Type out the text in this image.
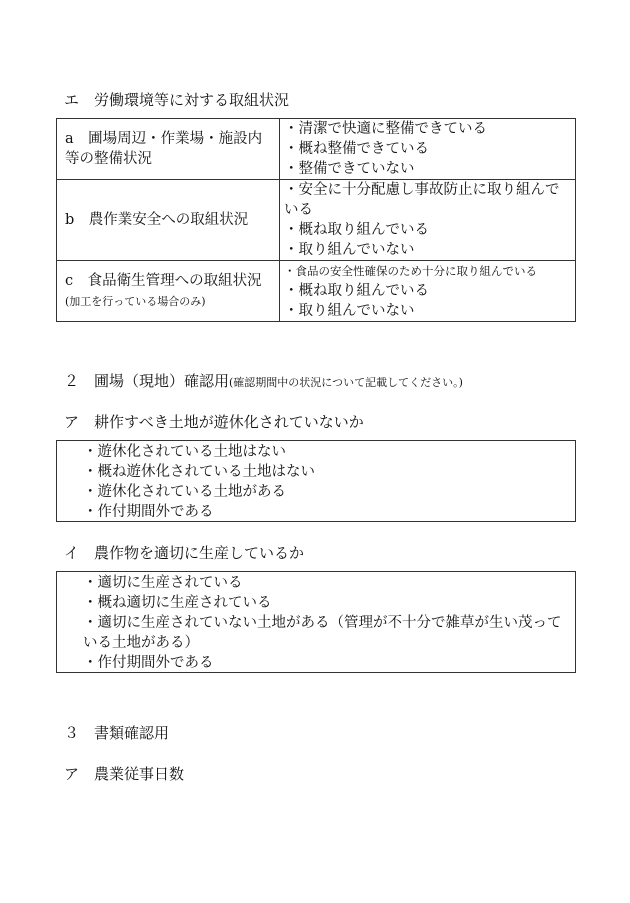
エ　労働環境等に対する取組状況
a　圃場周辺・作業場・施設内等の整備状況	・清潔で快適に整備できている
・概ね整備できている
・整備できていない

b　農作業安全への取組状況	・安全に十分配慮し事故防止に取り組んでいる
・概ね取り組んでいる
・取り組んでいない

c　食品衛生管理への取組状況(加工を行っている場合のみ)	・食品の安全性確保のため十分に取り組んでいる
・概ね取り組んでいる
・取り組んでいない
２　圃場（現地）確認用(確認期間中の状況について記載してください。)
ア　耕作すべき土地が遊休化されていないか
・遊休化されている土地はない
・概ね遊休化されている土地はない
・遊休化されている土地がある
・作付期間外である
イ　農作物を適切に生産しているか
・適切に生産されている
・概ね適切に生産されている
・適切に生産されていない土地がある（管理が不十分で雑草が生い茂って　いる土地がある）
・作付期間外である
３　書類確認用
ア　農業従事日数
